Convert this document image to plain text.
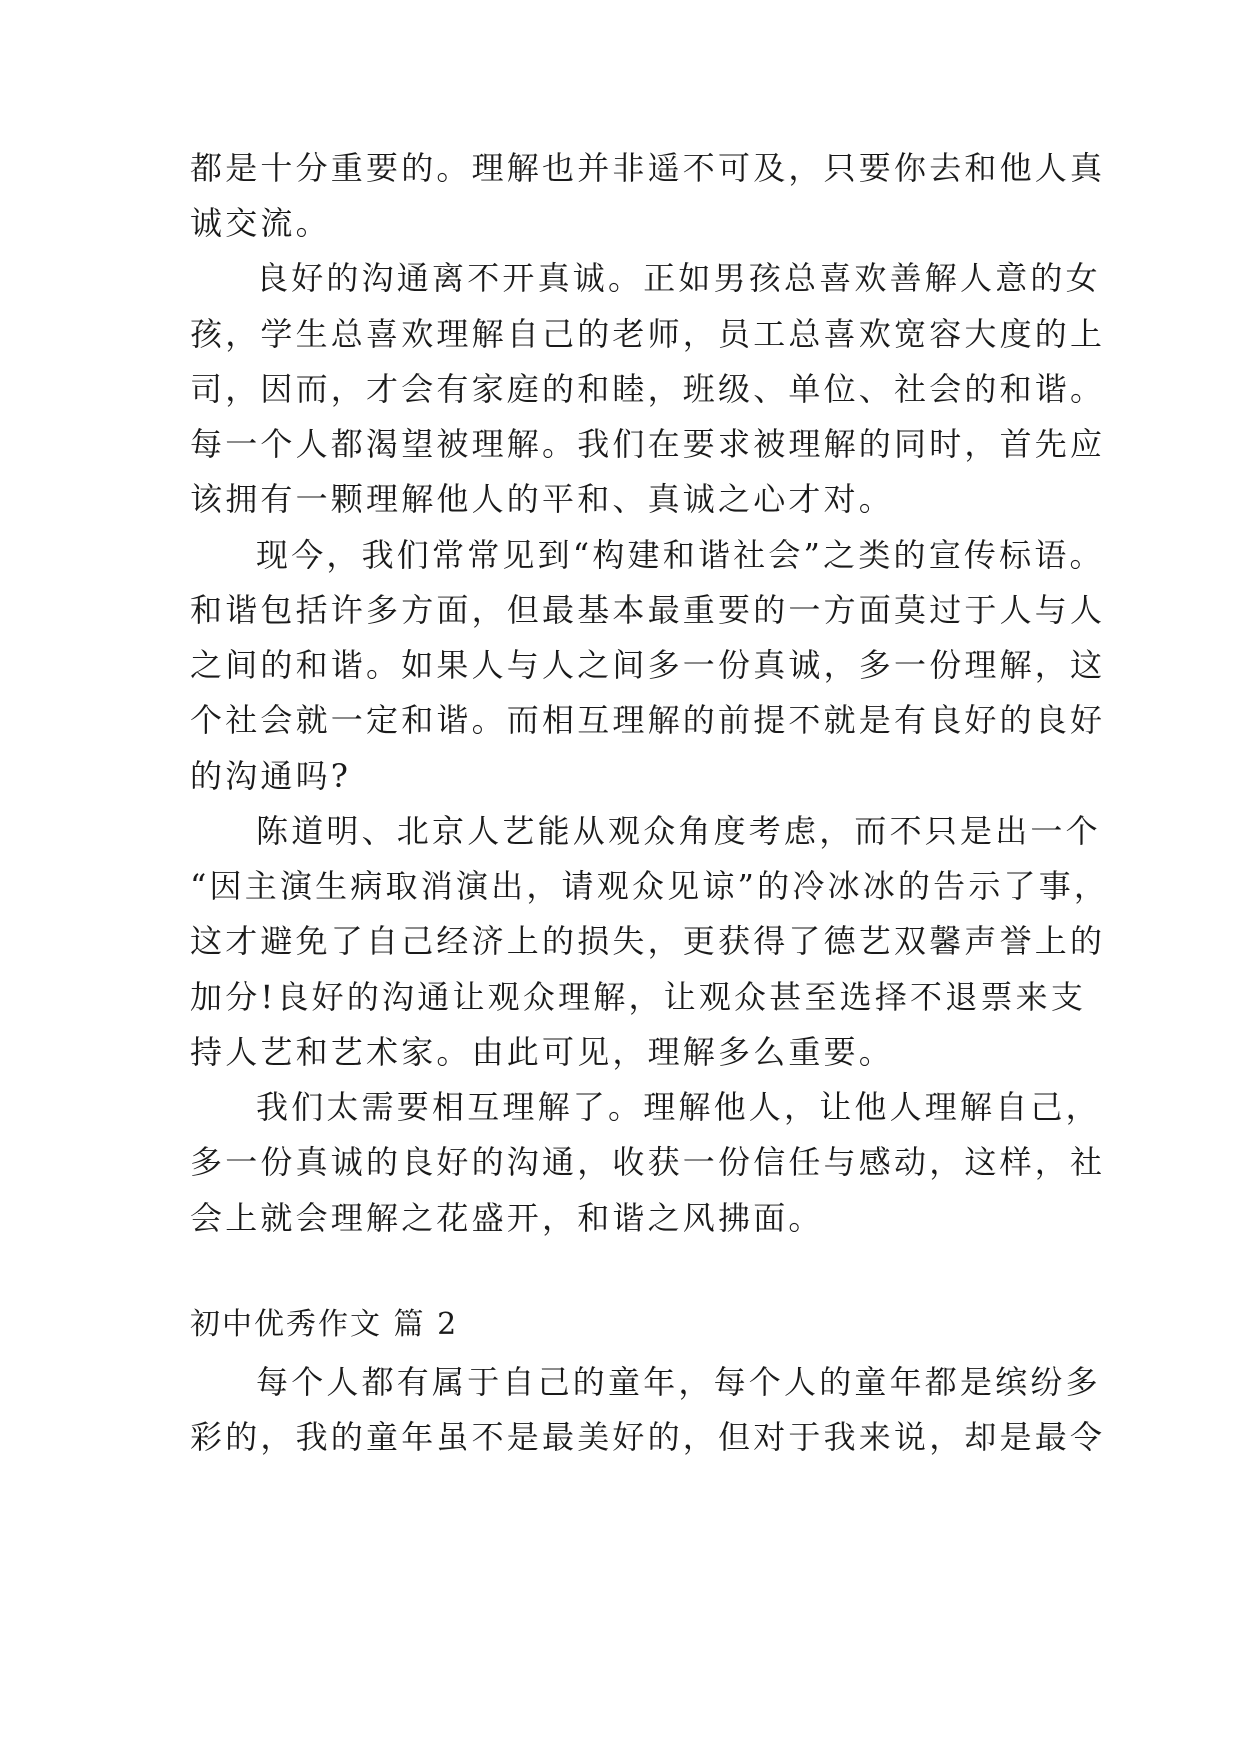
都是十分重要的。理解也并非遥不可及，只要你去和他人真

诚交流。

良好的沟通离不开真诚。正如男孩总喜欢善解人意的女

孩，学生总喜欢理解自己的老师，员工总喜欢宽容大度的上

司，因而，才会有家庭的和睦，班级、单位、社会的和谐。

每一个人都渴望被理解。我们在要求被理解的同时，首先应

该拥有一颗理解他人的平和、真诚之心才对。

现今，我们常常见到“构建和谐社会”之类的宣传标语。

和谐包括许多方面，但最基本最重要的一方面莫过于人与人

之间的和谐。如果人与人之间多一份真诚，多一份理解，这

个社会就一定和谐。而相互理解的前提不就是有良好的良好

的沟通吗?

陈道明、北京人艺能从观众角度考虑，而不只是出一个

“因主演生病取消演出，请观众见谅”的冷冰冰的告示了事，

这才避免了自己经济上的损失，更获得了德艺双馨声誉上的

加分!良好的沟通让观众理解，让观众甚至选择不退票来支

持人艺和艺术家。由此可见，理解多么重要。

我们太需要相互理解了。理解他人，让他人理解自己，

多一份真诚的良好的沟通，收获一份信任与感动，这样，社

会上就会理解之花盛开，和谐之风拂面。

初中优秀作文 篇 2

每个人都有属于自己的童年，每个人的童年都是缤纷多

彩的，我的童年虽不是最美好的，但对于我来说，却是最令
